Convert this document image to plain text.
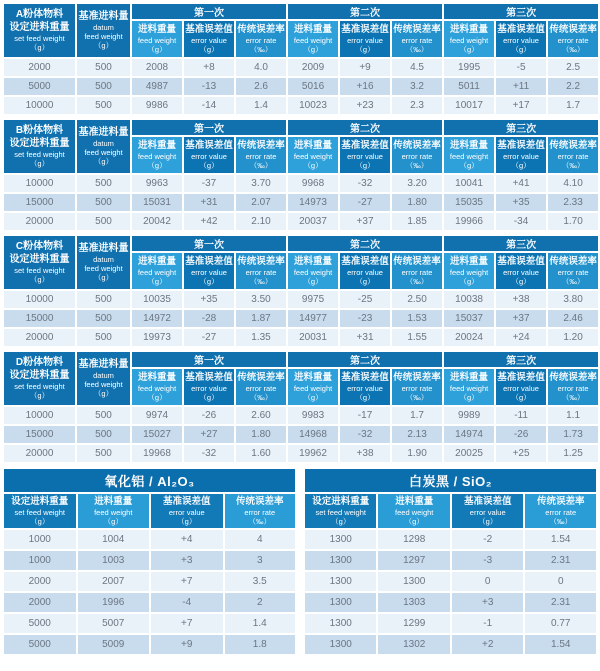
A粉体物料
设定进料重量
set feed weight
（g）

基准进料量
datum
feed weight
（g）
	第一次	第二次	第三次

进料重量
feed weight
（g）

基准误差值
error value
（g）

传统误差率
error rate
（‰）

进料重量
feed weight
（g）

基准误差值
error value
（g）

传统误差率
error rate
（‰）

进料重量
feed weight
（g）

基准误差值
error value
（g）

传统误差率
error rate
（‰）

2000	500	2008	+8	4.0	2009	+9	4.5	1995	-5	2.5
5000	500	4987	-13	2.6	5016	+16	3.2	5011	+11	2.2
10000	500	9986	-14	1.4	10023	+23	2.3	10017	+17	1.7
B粉体物料
设定进料重量
set feed weight
（g）

基准进料量
datum
feed weight
（g）
	第一次	第二次	第三次

进料重量
feed weight
（g）

基准误差值
error value
（g）

传统误差率
error rate
（‰）

进料重量
feed weight
（g）

基准误差值
error value
（g）

传统误差率
error rate
（‰）

进料重量
feed weight
（g）

基准误差值
error value
（g）

传统误差率
error rate
（‰）

10000	500	9963	-37	3.70	9968	-32	3.20	10041	+41	4.10
15000	500	15031	+31	2.07	14973	-27	1.80	15035	+35	2.33
20000	500	20042	+42	2.10	20037	+37	1.85	19966	-34	1.70
C粉体物料
设定进料重量
set feed weight
（g）

基准进料量
datum
feed weight
（g）
	第一次	第二次	第三次

进料重量
feed weight
（g）

基准误差值
error value
（g）

传统误差率
error rate
（‰）

进料重量
feed weight
（g）

基准误差值
error value
（g）

传统误差率
error rate
（‰）

进料重量
feed weight
（g）

基准误差值
error value
（g）

传统误差率
error rate
（‰）

10000	500	10035	+35	3.50	9975	-25	2.50	10038	+38	3.80
15000	500	14972	-28	1.87	14977	-23	1.53	15037	+37	2.46
20000	500	19973	-27	1.35	20031	+31	1.55	20024	+24	1.20
D粉体物料
设定进料重量
set feed weight
（g）

基准进料量
datum
feed weight
（g）
	第一次	第二次	第三次

进料重量
feed weight
（g）

基准误差值
error value
（g）

传统误差率
error rate
（‰）

进料重量
feed weight
（g）

基准误差值
error value
（g）

传统误差率
error rate
（‰）

进料重量
feed weight
（g）

基准误差值
error value
（g）

传统误差率
error rate
（‰）

10000	500	9974	-26	2.60	9983	-17	1.7	9989	-11	1.1
15000	500	15027	+27	1.80	14968	-32	2.13	14974	-26	1.73
20000	500	19968	-32	1.60	19962	+38	1.90	20025	+25	1.25
氧化铝 / Al₂O₃			

设定进料重量
set feed weight
（g）

进料重量
feed weight
（g）

基准误差值
error value
（g）

传统误差率
error rate
（‰）

1000	1004	+4	4
1000	1003	+3	3
2000	2007	+7	3.5
2000	1996	-4	2
5000	5007	+7	1.4
5000	5009	+9	1.8
白炭黑 / SiO₂			

设定进料重量
set feed weight
（g）

进料重量
feed weight
（g）

基准误差值
error value
（g）

传统误差率
error rate
（‰）

1300	1298	-2	1.54
1300	1297	-3	2.31
1300	1300	0	0
1300	1303	+3	2.31
1300	1299	-1	0.77
1300	1302	+2	1.54
